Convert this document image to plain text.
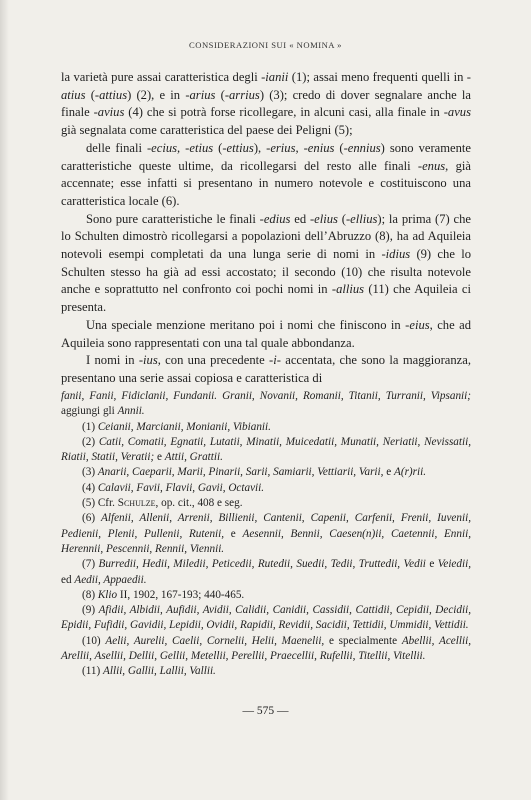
CONSIDERAZIONI SUI « NOMINA »

la varietà pure assai caratteristica degli -ianii (1); assai meno frequenti quelli in -atius (-attius) (2), e in -arius (-arrius) (3); credo di dover segnalare anche la finale -avius (4) che si potrà forse ricollegare, in alcuni casi, alla finale in -avus già segnalata come caratteristica del paese dei Peligni (5);

delle finali -ecius, -etius (-ettius), -erius, -enius (-ennius) sono veramente caratteristiche queste ultime, da ricollegarsi del resto alle finali -enus, già accennate; esse infatti si presentano in numero notevole e costituiscono una caratteristica locale (6).

Sono pure caratteristiche le finali -edius ed -elius (-ellius); la prima (7) che lo Schulten dimostrò ricollegarsi a popolazioni dell’Abruzzo (8), ha ad Aquileia notevoli esempi completati da una lunga serie di nomi in -idius (9) che lo Schulten stesso ha già ad essi accostato; il secondo (10) che risulta notevole anche e soprattutto nel confronto coi pochi nomi in -allius (11) che Aquileia ci presenta.

Una speciale menzione meritano poi i nomi che finiscono in -eius, che ad Aquileia sono rappresentati con una tal quale abbondanza.

I nomi in -ius, con una precedente -i- accentata, che sono la maggioranza, presentano una serie assai copiosa e caratteristica di

fanii, Fanii, Fidiclanii, Fundanii. Granii, Novanii, Romanii, Titanii, Turranii, Vipsanii; aggiungi gli Annii.

(1) Ceianii, Marcianii, Monianii, Vibianii.

(2) Catii, Comatii, Egnatii, Lutatii, Minatii, Muicedatii, Munatii, Neriatii, Nevissatii, Riatii, Statii, Veratii; e Attii, Grattii.

(3) Anarii, Caeparii, Marii, Pinarii, Sarii, Samiarii, Vettiarii, Varii, e A(r)rii.

(4) Calavii, Favii, Flavii, Gavii, Octavii.

(5) Cfr. Schulze, op. cit., 408 e seg.

(6) Alfenii, Allenii, Arrenii, Billienii, Cantenii, Capenii, Carfenii, Frenii, Iuvenii, Pedienii, Plenii, Pullenii, Rutenii, e Aesennii, Bennii, Caesen(n)ii, Caetennii, Ennii, Herennii, Pescennii, Rennii, Viennii.

(7) Burredii, Hedii, Miledii, Peticedii, Rutedii, Suedii, Tedii, Truttedii, Vedii e Veiedii, ed Aedii, Appaedii.

(8) Klio II, 1902, 167-193; 440-465.

(9) Afidii, Albidii, Aufidii, Avidii, Calidii, Canidii, Cassidii, Cattidii, Cepidii, Decidii, Epidii, Fufidii, Gavidii, Lepidii, Ovidii, Rapidii, Revidii, Sacidii, Tettidii, Ummidii, Vettidii.

(10) Aelii, Aurelii, Caelii, Cornelii, Helii, Maenelii, e specialmente Abellii, Acellii, Arellii, Asellii, Dellii, Gellii, Metellii, Perellii, Praecellii, Rufellii, Titellii, Vitellii.

(11) Allii, Gallii, Lallii, Vallii.

— 575 —
